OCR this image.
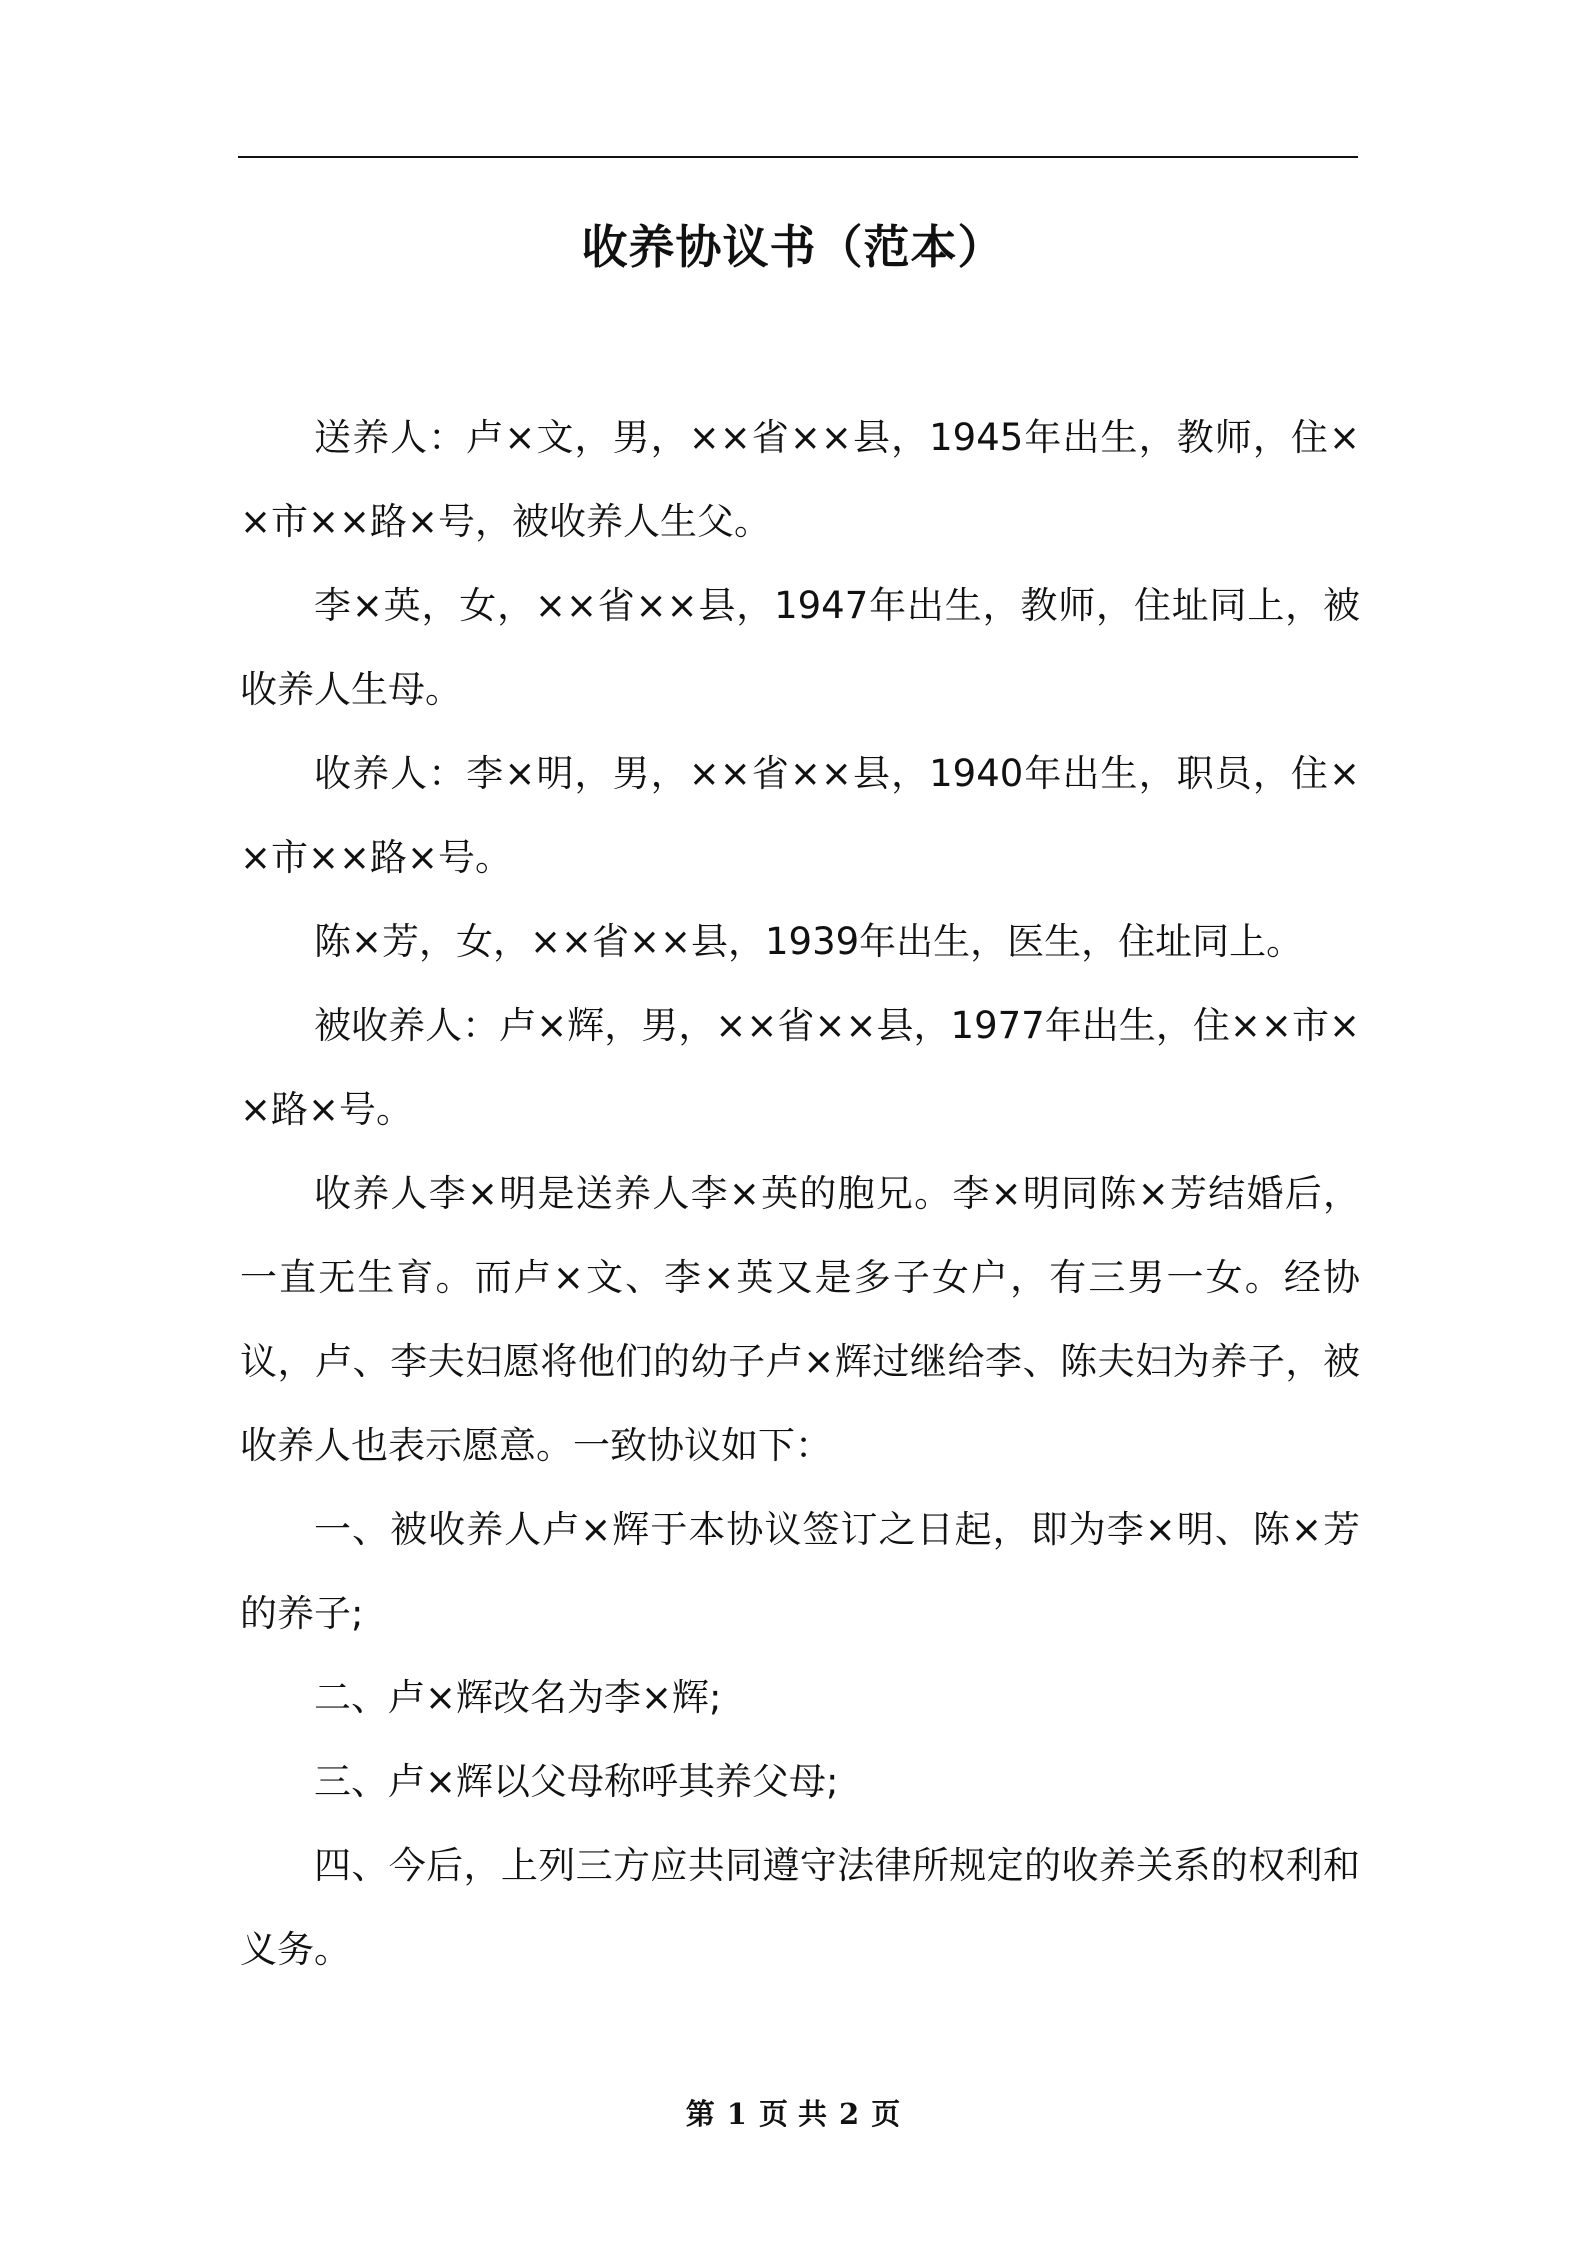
收养协议书（范本）

送养人：卢×文，男，××省××县，1945年出生，教师，住××市××路×号，被收养人生父。

李×英，女，××省××县，1947年出生，教师，住址同上，被收养人生母。

收养人：李×明，男，××省××县，1940年出生，职员，住××市××路×号。

陈×芳，女，××省××县，1939年出生，医生，住址同上。

被收养人：卢×辉，男，××省××县，1977年出生，住××市××路×号。

收养人李×明是送养人李×英的胞兄。李×明同陈×芳结婚后，一直无生育。而卢×文、李×英又是多子女户，有三男一女。经协议，卢、李夫妇愿将他们的幼子卢×辉过继给李、陈夫妇为养子，被收养人也表示愿意。一致协议如下：

一、被收养人卢×辉于本协议签订之日起，即为李×明、陈×芳的养子;

二、卢×辉改名为李×辉;

三、卢×辉以父母称呼其养父母;

四、今后，上列三方应共同遵守法律所规定的收养关系的权利和义务。

第 1 页 共 2 页
